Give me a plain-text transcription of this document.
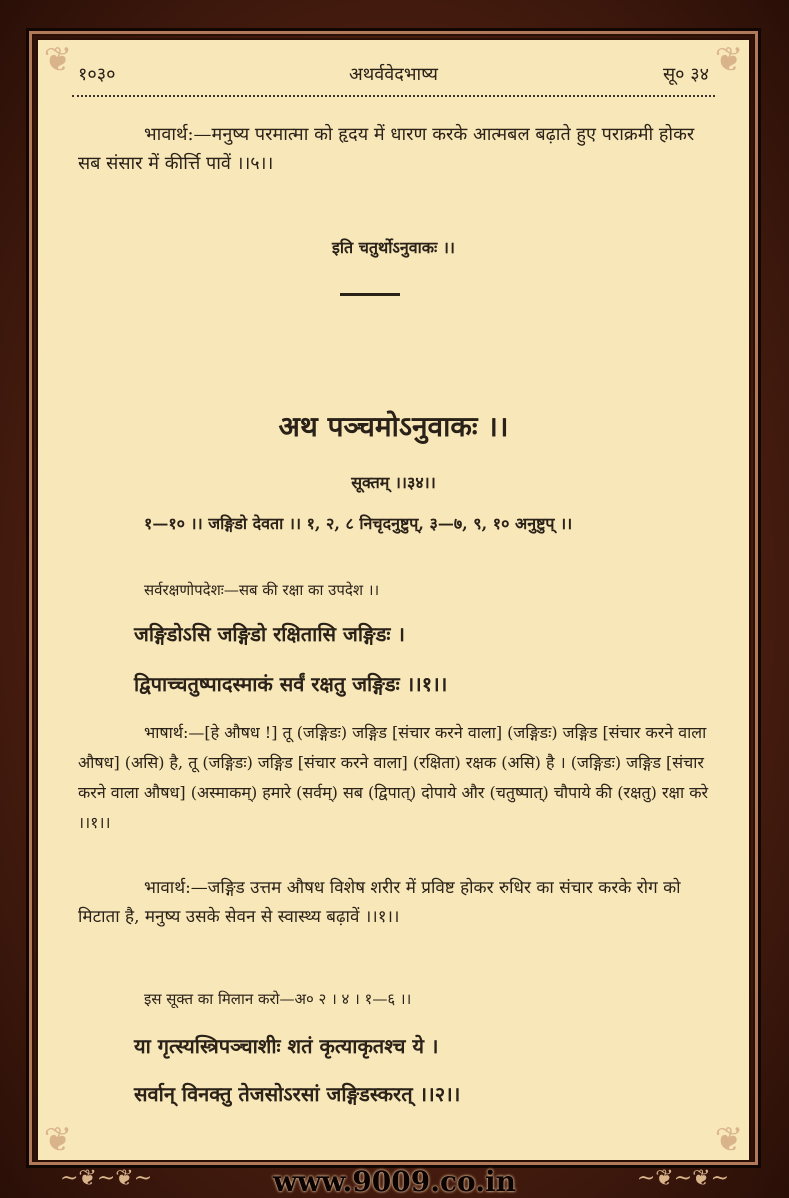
❦	❦
❦	❦
१०३०	अथर्ववेदभाष्य	सू० ३४
भावार्थ:—मनुष्य परमात्मा को हृदय में धारण करके आत्मबल बढ़ाते हुए पराक्रमी होकर सब संसार में कीर्त्ति पावें ।।५।।
इति चतुर्थोऽनुवाकः ।।
अथ पञ्चमोऽनुवाकः ।।
सूक्तम् ।।३४।।
१—१० ।। जङ्गिडो देवता ।। १, २, ८ निचृदनुष्टुप्, ३—७, ९, १० अनुष्टुप् ।।
सर्वरक्षणोपदेशः—सब की रक्षा का उपदेश ।।
जङ्गिडोऽसि जङ्गिडो रक्षितासि जङ्गिडः ।
द्विपाच्चतुष्पादस्माकं सर्वं रक्षतु जङ्गिडः ।।१।।
भाषार्थ:—[हे औषध !] तू (जङ्गिडः) जङ्गिड [संचार करने वाला] (जङ्गिडः) जङ्गिड [संचार करने वाला औषध] (असि) है, तू (जङ्गिडः) जङ्गिड [संचार करने वाला] (रक्षिता) रक्षक (असि) है । (जङ्गिडः) जङ्गिड [संचार करने वाला औषध] (अस्माकम्) हमारे (सर्वम्) सब (द्विपात्) दोपाये और (चतुष्पात्) चौपाये की (रक्षतु) रक्षा करे ।।१।।
भावार्थ:—जङ्गिड उत्तम औषध विशेष शरीर में प्रविष्ट होकर रुधिर का संचार करके रोग को मिटाता है, मनुष्य उसके सेवन से स्वास्थ्य बढ़ावें ।।१।।
इस सूक्त का मिलान करो—अ० २ । ४ । १—६ ।।
या गृत्स्यस्त्रिपञ्चाशीः शतं कृत्याकृतश्च ये ।
सर्वान् विनक्तु तेजसोऽरसां जङ्गिडस्करत् ।।२।।
~❦~❦~	~❦~❦~
www.9009.co.in
